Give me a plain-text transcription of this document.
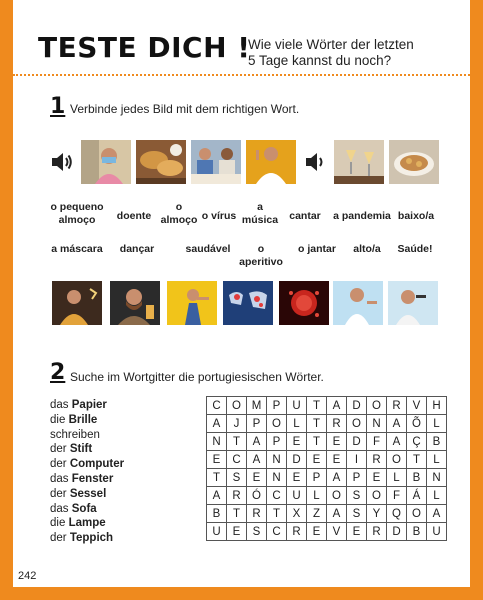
TESTE DICH !
Wie viele Wörter der letzten
5 Tage kannst du noch?
1 Verbinde jedes Bild mit dem richtigen Wort.
o pequeno almoço	doente
o almoço o vírus
a música	cantar	a pandemia baixo/a
a máscara	dançar	saudável	o aperitivo
o jantar	alto/a	Saúde!
2 Suche im Wortgitter die portugiesischen Wörter.
das Papier
die Brille
schreiben
der Stift
der Computer
das Fenster
der Sessel
das Sofa
die Lampe
der Teppich
C	O	M	P	U	T	A	D	O	R	V	H
A	J	P	O	L	T	R	O	N	A	Õ	L
N	T	A	P	E	T	E	D	F	A	Ç	B
E	C	A	N	D	E	E	I	R	O	T	L
T	S	E	N	E	P	A	P	E	L	B	N
A	R	Ó	C	U	L	O	S	O	F	Á	L
B	T	R	T	X	Z	A	S	Y	Q	O	A
U	E	S	C	R	E	V	E	R	D	B	U
242
